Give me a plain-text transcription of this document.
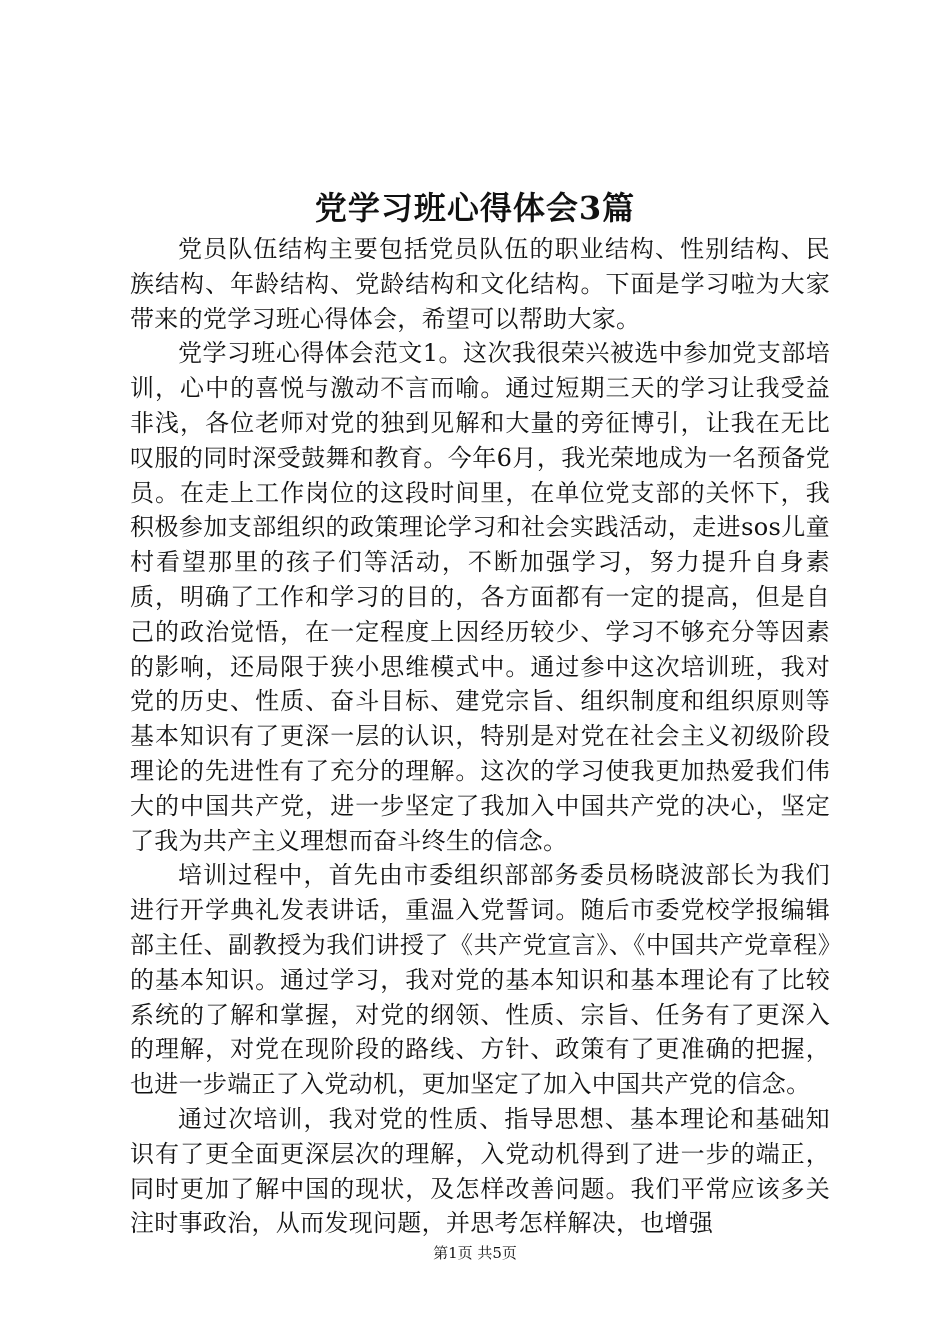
党学习班心得体会3篇

党员队伍结构主要包括党员队伍的职业结构、性别结构、民族结构、年龄结构、党龄结构和文化结构。下面是学习啦为大家带来的党学习班心得体会，希望可以帮助大家。

党学习班心得体会范文1。这次我很荣兴被选中参加党支部培训，心中的喜悦与激动不言而喻。通过短期三天的学习让我受益非浅，各位老师对党的独到见解和大量的旁征博引，让我在无比叹服的同时深受鼓舞和教育。今年6月，我光荣地成为一名预备党员。在走上工作岗位的这段时间里，在单位党支部的关怀下，我积极参加支部组织的政策理论学习和社会实践活动，走进sos儿童村看望那里的孩子们等活动，不断加强学习，努力提升自身素质，明确了工作和学习的目的，各方面都有一定的提高，但是自己的政治觉悟，在一定程度上因经历较少、学习不够充分等因素的影响，还局限于狭小思维模式中。通过参中这次培训班，我对党的历史、性质、奋斗目标、建党宗旨、组织制度和组织原则等基本知识有了更深一层的认识，特别是对党在社会主义初级阶段理论的先进性有了充分的理解。这次的学习使我更加热爱我们伟大的中国共产党，进一步坚定了我加入中国共产党的决心，坚定了我为共产主义理想而奋斗终生的信念。

培训过程中，首先由市委组织部部务委员杨晓波部长为我们进行开学典礼发表讲话，重温入党誓词。随后市委党校学报编辑部主任、副教授为我们讲授了《共产党宣言》、《中国共产党章程》的基本知识。通过学习，我对党的基本知识和基本理论有了比较系统的了解和掌握，对党的纲领、性质、宗旨、任务有了更深入的理解，对党在现阶段的路线、方针、政策有了更准确的把握，也进一步端正了入党动机，更加坚定了加入中国共产党的信念。

通过次培训，我对党的性质、指导思想、基本理论和基础知识有了更全面更深层次的理解，入党动机得到了进一步的端正，同时更加了解中国的现状，及怎样改善问题。我们平常应该多关注时事政治，从而发现问题，并思考怎样解决，也增强

第1页 共5页
